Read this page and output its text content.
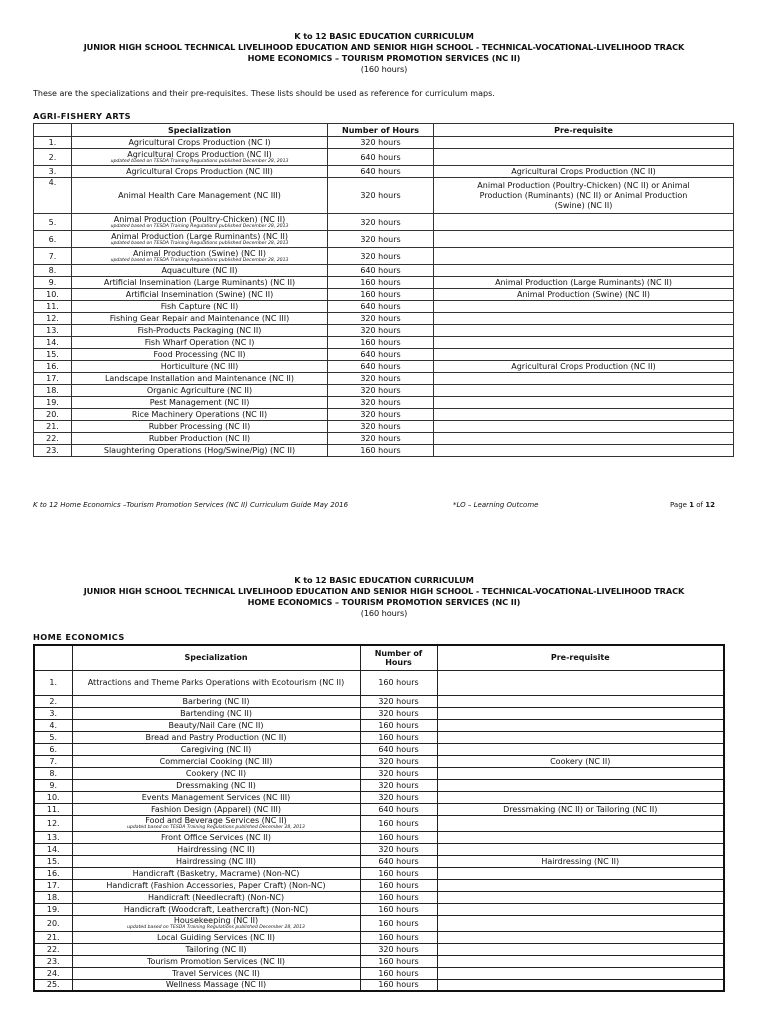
K to 12 BASIC EDUCATION CURRICULUM
JUNIOR HIGH SCHOOL TECHNICAL LIVELIHOOD EDUCATION AND SENIOR HIGH SCHOOL - TECHNICAL-VOCATIONAL-LIVELIHOOD TRACK
HOME ECONOMICS – TOURISM PROMOTION SERVICES (NC II)
(160 hours)
These are the specializations and their pre-requisites. These lists should be used as reference for curriculum maps.
AGRI-FISHERY ARTS
	Specialization	Number of Hours	Pre-requisite
1.	Agricultural Crops Production (NC I)	320 hours	
2.	Agricultural Crops Production (NC II)
updated based on TESDA Training Regulations published December 28, 2013	640 hours	
3.	Agricultural Crops Production (NC III)	640 hours	Agricultural Crops Production (NC II)
4.	Animal Health Care Management (NC III)	320 hours	Animal Production (Poultry-Chicken) (NC II) or Animal Production (Ruminants) (NC II) or Animal Production (Swine) (NC II)
5.	Animal Production (Poultry-Chicken) (NC II)
updated based on TESDA Training Regulations published December 28, 2013	320 hours	
6.	Animal Production (Large Ruminants) (NC II)
updated based on TESDA Training Regulations published December 28, 2013	320 hours	
7.	Animal Production (Swine) (NC II)
updated based on TESDA Training Regulations published December 28, 2013	320 hours	
8.	Aquaculture (NC II)	640 hours	
9.	Artificial Insemination (Large Ruminants) (NC II)	160 hours	Animal Production (Large Ruminants) (NC II)
10.	Artificial Insemination (Swine) (NC II)	160 hours	Animal Production (Swine) (NC II)
11.	Fish Capture (NC II)	640 hours	
12.	Fishing Gear Repair and Maintenance (NC III)	320 hours	
13.	Fish-Products Packaging (NC II)	320 hours	
14.	Fish Wharf Operation (NC I)	160 hours	
15.	Food Processing (NC II)	640 hours	
16.	Horticulture (NC III)	640 hours	Agricultural Crops Production (NC II)
17.	Landscape Installation and Maintenance (NC II)	320 hours	
18.	Organic Agriculture (NC II)	320 hours	
19.	Pest Management (NC II)	320 hours	
20.	Rice Machinery Operations (NC II)	320 hours	
21.	Rubber Processing (NC II)	320 hours	
22.	Rubber Production (NC II)	320 hours	
23.	Slaughtering Operations (Hog/Swine/Pig) (NC II)	160 hours	
K to 12 Home Economics –Tourism Promotion Services (NC II) Curriculum Guide May 2016	*LO – Learning Outcome	Page 1 of 12
K to 12 BASIC EDUCATION CURRICULUM
JUNIOR HIGH SCHOOL TECHNICAL LIVELIHOOD EDUCATION AND SENIOR HIGH SCHOOL - TECHNICAL-VOCATIONAL-LIVELIHOOD TRACK
HOME ECONOMICS – TOURISM PROMOTION SERVICES (NC II)
(160 hours)
HOME ECONOMICS
	Specialization	Number of Hours	Pre-requisite
1.	Attractions and Theme Parks Operations with Ecotourism (NC II)	160 hours	
2.	Barbering (NC II)	320 hours	
3.	Bartending (NC II)	320 hours	
4.	Beauty/Nail Care (NC II)	160 hours	
5.	Bread and Pastry Production (NC II)	160 hours	
6.	Caregiving (NC II)	640 hours	
7.	Commercial Cooking (NC III)	320 hours	Cookery (NC II)
8.	Cookery (NC II)	320 hours	
9.	Dressmaking (NC II)	320 hours	
10.	Events Management Services (NC III)	320 hours	
11.	Fashion Design (Apparel) (NC III)	640 hours	Dressmaking (NC II) or Tailoring (NC II)
12.	Food and Beverage Services (NC II)
updated based on TESDA Training Regulations published December 28, 2013	160 hours	
13.	Front Office Services (NC II)	160 hours	
14.	Hairdressing (NC II)	320 hours	
15.	Hairdressing (NC III)	640 hours	Hairdressing (NC II)
16.	Handicraft (Basketry, Macrame) (Non-NC)	160 hours	
17.	Handicraft (Fashion Accessories, Paper Craft) (Non-NC)	160 hours	
18.	Handicraft (Needlecraft) (Non-NC)	160 hours	
19.	Handicraft (Woodcraft, Leathercraft) (Non-NC)	160 hours	
20.	Housekeeping (NC II)
updated based on TESDA Training Regulations published December 28, 2013	160 hours	
21.	Local Guiding Services (NC II)	160 hours	
22.	Tailoring (NC II)	320 hours	
23.	Tourism Promotion Services (NC II)	160 hours	
24.	Travel Services (NC II)	160 hours	
25.	Wellness Massage (NC II)	160 hours	
